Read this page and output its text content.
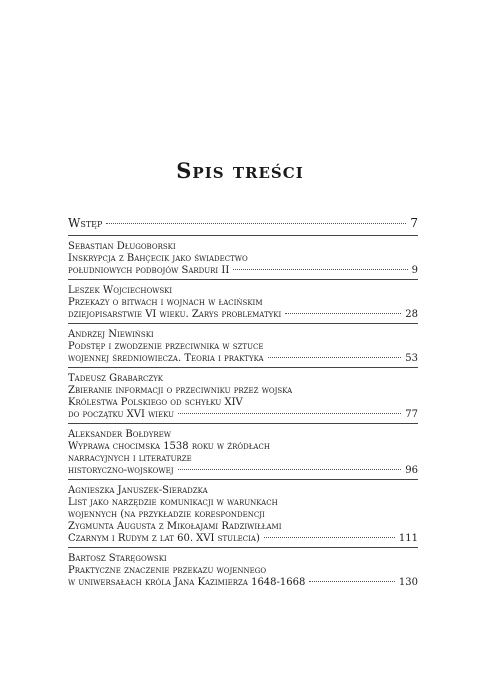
Spis treści
Wstęp	7
Sebastian Długoborski
Inskrypcja z Bahçecik jako świadectwo
południowych podbojów Sarduri II	9
Leszek Wojciechowski
Przekazy o bitwach i wojnach w łacińskim
dziejopisarstwie VI wieku. Zarys problematyki	28
Andrzej Niewiński
Podstęp i zwodzenie przeciwnika w sztuce
wojennej średniowiecza. Teoria i praktyka	53
Tadeusz Grabarczyk
Zbieranie informacji o przeciwniku przez wojska
Królestwa Polskiego od schyłku XIV
do początku XVI wieku	77
Aleksander Bołdyrew
Wyprawa chocimska 1538 roku w źródłach
narracyjnych i literaturze
historyczno-wojskowej	96
Agnieszka Januszek-Sieradzka
List jako narzędzie komunikacji w warunkach
wojennych (na przykładzie korespondencji
Zygmunta Augusta z Mikołajami Radziwiłłami
Czarnym i Rudym z lat 60. XVI stulecia)	111
Bartosz Staręgowski
Praktyczne znaczenie przekazu wojennego
w uniwersałach króla Jana Kazimierza 1648-1668	130
